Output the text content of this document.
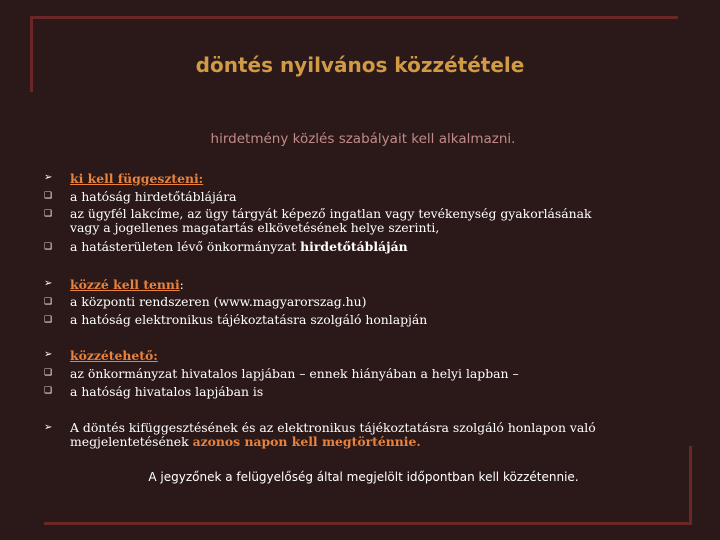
döntés nyilvános közzététele
hirdetmény közlés szabályait kell alkalmazni.
➢ ki kell függeszteni:
❑ a hatóság hirdetőtáblájára
❑ az ügyfél lakcíme, az ügy tárgyát képező ingatlan vagy tevékenység gyakorlásának
vagy a jogellenes magatartás elkövetésének helye szerinti,
❑ a hatásterületen lévő önkormányzat hirdetőtábláján
➢ közzé kell tenni:
❑ a központi rendszeren (www.magyarorszag.hu)
❑ a hatóság elektronikus tájékoztatásra szolgáló honlapján
➢ közzétehető:
❑ az önkormányzat hivatalos lapjában – ennek hiányában a helyi lapban –
❑ a hatóság hivatalos lapjában is
➢ A döntés kifüggesztésének és az elektronikus tájékoztatásra szolgáló honlapon való
megjelentetésének azonos napon kell megtörténnie.
A jegyzőnek a felügyelőség által megjelölt időpontban kell közzétennie.
